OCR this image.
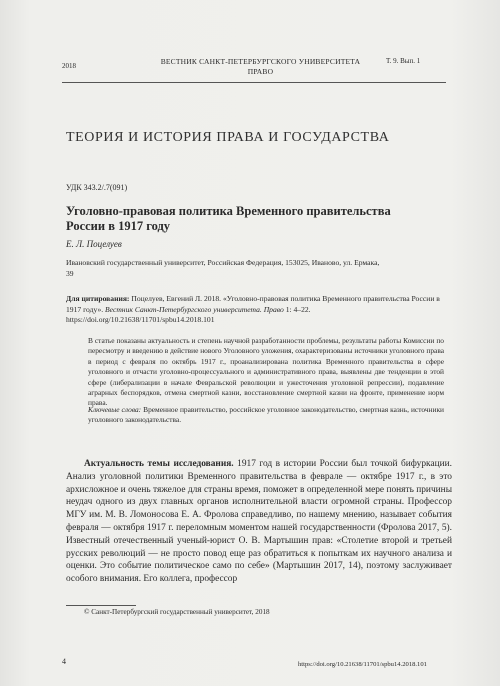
2018	ВЕСТНИК САНКТ-ПЕТЕРБУРГСКОГО УНИВЕРСИТЕТА ПРАВО
Т. 9. Вып. 1
ТЕОРИЯ И ИСТОРИЯ ПРАВА И ГОСУДАРСТВА
УДК 343.2/.7(091)
Уголовно-правовая политика Временного правительства России в 1917 году
Е. Л. Поцелуев
Ивановский государственный университет, Российская Федерация, 153025, Иваново, ул. Ермака, 39
Для цитирования: Поцелуев, Евгений Л. 2018. «Уголовно-правовая политика Временного правительства России в 1917 году». Вестник Санкт-Петербургского университета. Право 1: 4–22.
https://doi.org/10.21638/11701/spbu14.2018.101
В статье показаны актуальность и степень научной разработанности проблемы, результаты работы Комиссии по пересмотру и введению в действие нового Уголовного уложения, охарактеризованы источники уголовного права в период с февраля по октябрь 1917 г., проанализирована политика Временного правительства в сфере уголовного и отчасти уголовно-процессуального и административного права, выявлены две тенденции в этой сфере (либерализации в начале Февральской революции и ужесточения уголовной репрессии), подавление аграрных беспорядков, отмена смертной казни, восстановление смертной казни на фронте, применение норм права.
Ключевые слова: Временное правительство, российское уголовное законодательство, смертная казнь, источники уголовного законодательства.
Актуальность темы исследования. 1917 год в истории России был точкой бифуркации. Анализ уголовной политики Временного правительства в феврале — октябре 1917 г., в это архисложное и очень тяжелое для страны время, поможет в определенной мере понять причины неудач одного из двух главных органов исполнительной власти огромной страны. Профессор МГУ им. М. В. Ломоносова Е. А. Фролова справедливо, по нашему мнению, называет события февраля — октября 1917 г. переломным моментом нашей государственности (Фролова 2017, 5). Известный отечественный ученый-юрист О. В. Мартышин прав: «Столетие второй и третьей русских революций — не просто повод еще раз обратиться к попыткам их научного анализа и оценки. Это событие политическое само по себе» (Мартышин 2017, 14), поэтому заслуживает особого внимания. Его коллега, профессор
© Санкт-Петербургский государственный университет, 2018
4	https://doi.org/10.21638/11701/spbu14.2018.101
